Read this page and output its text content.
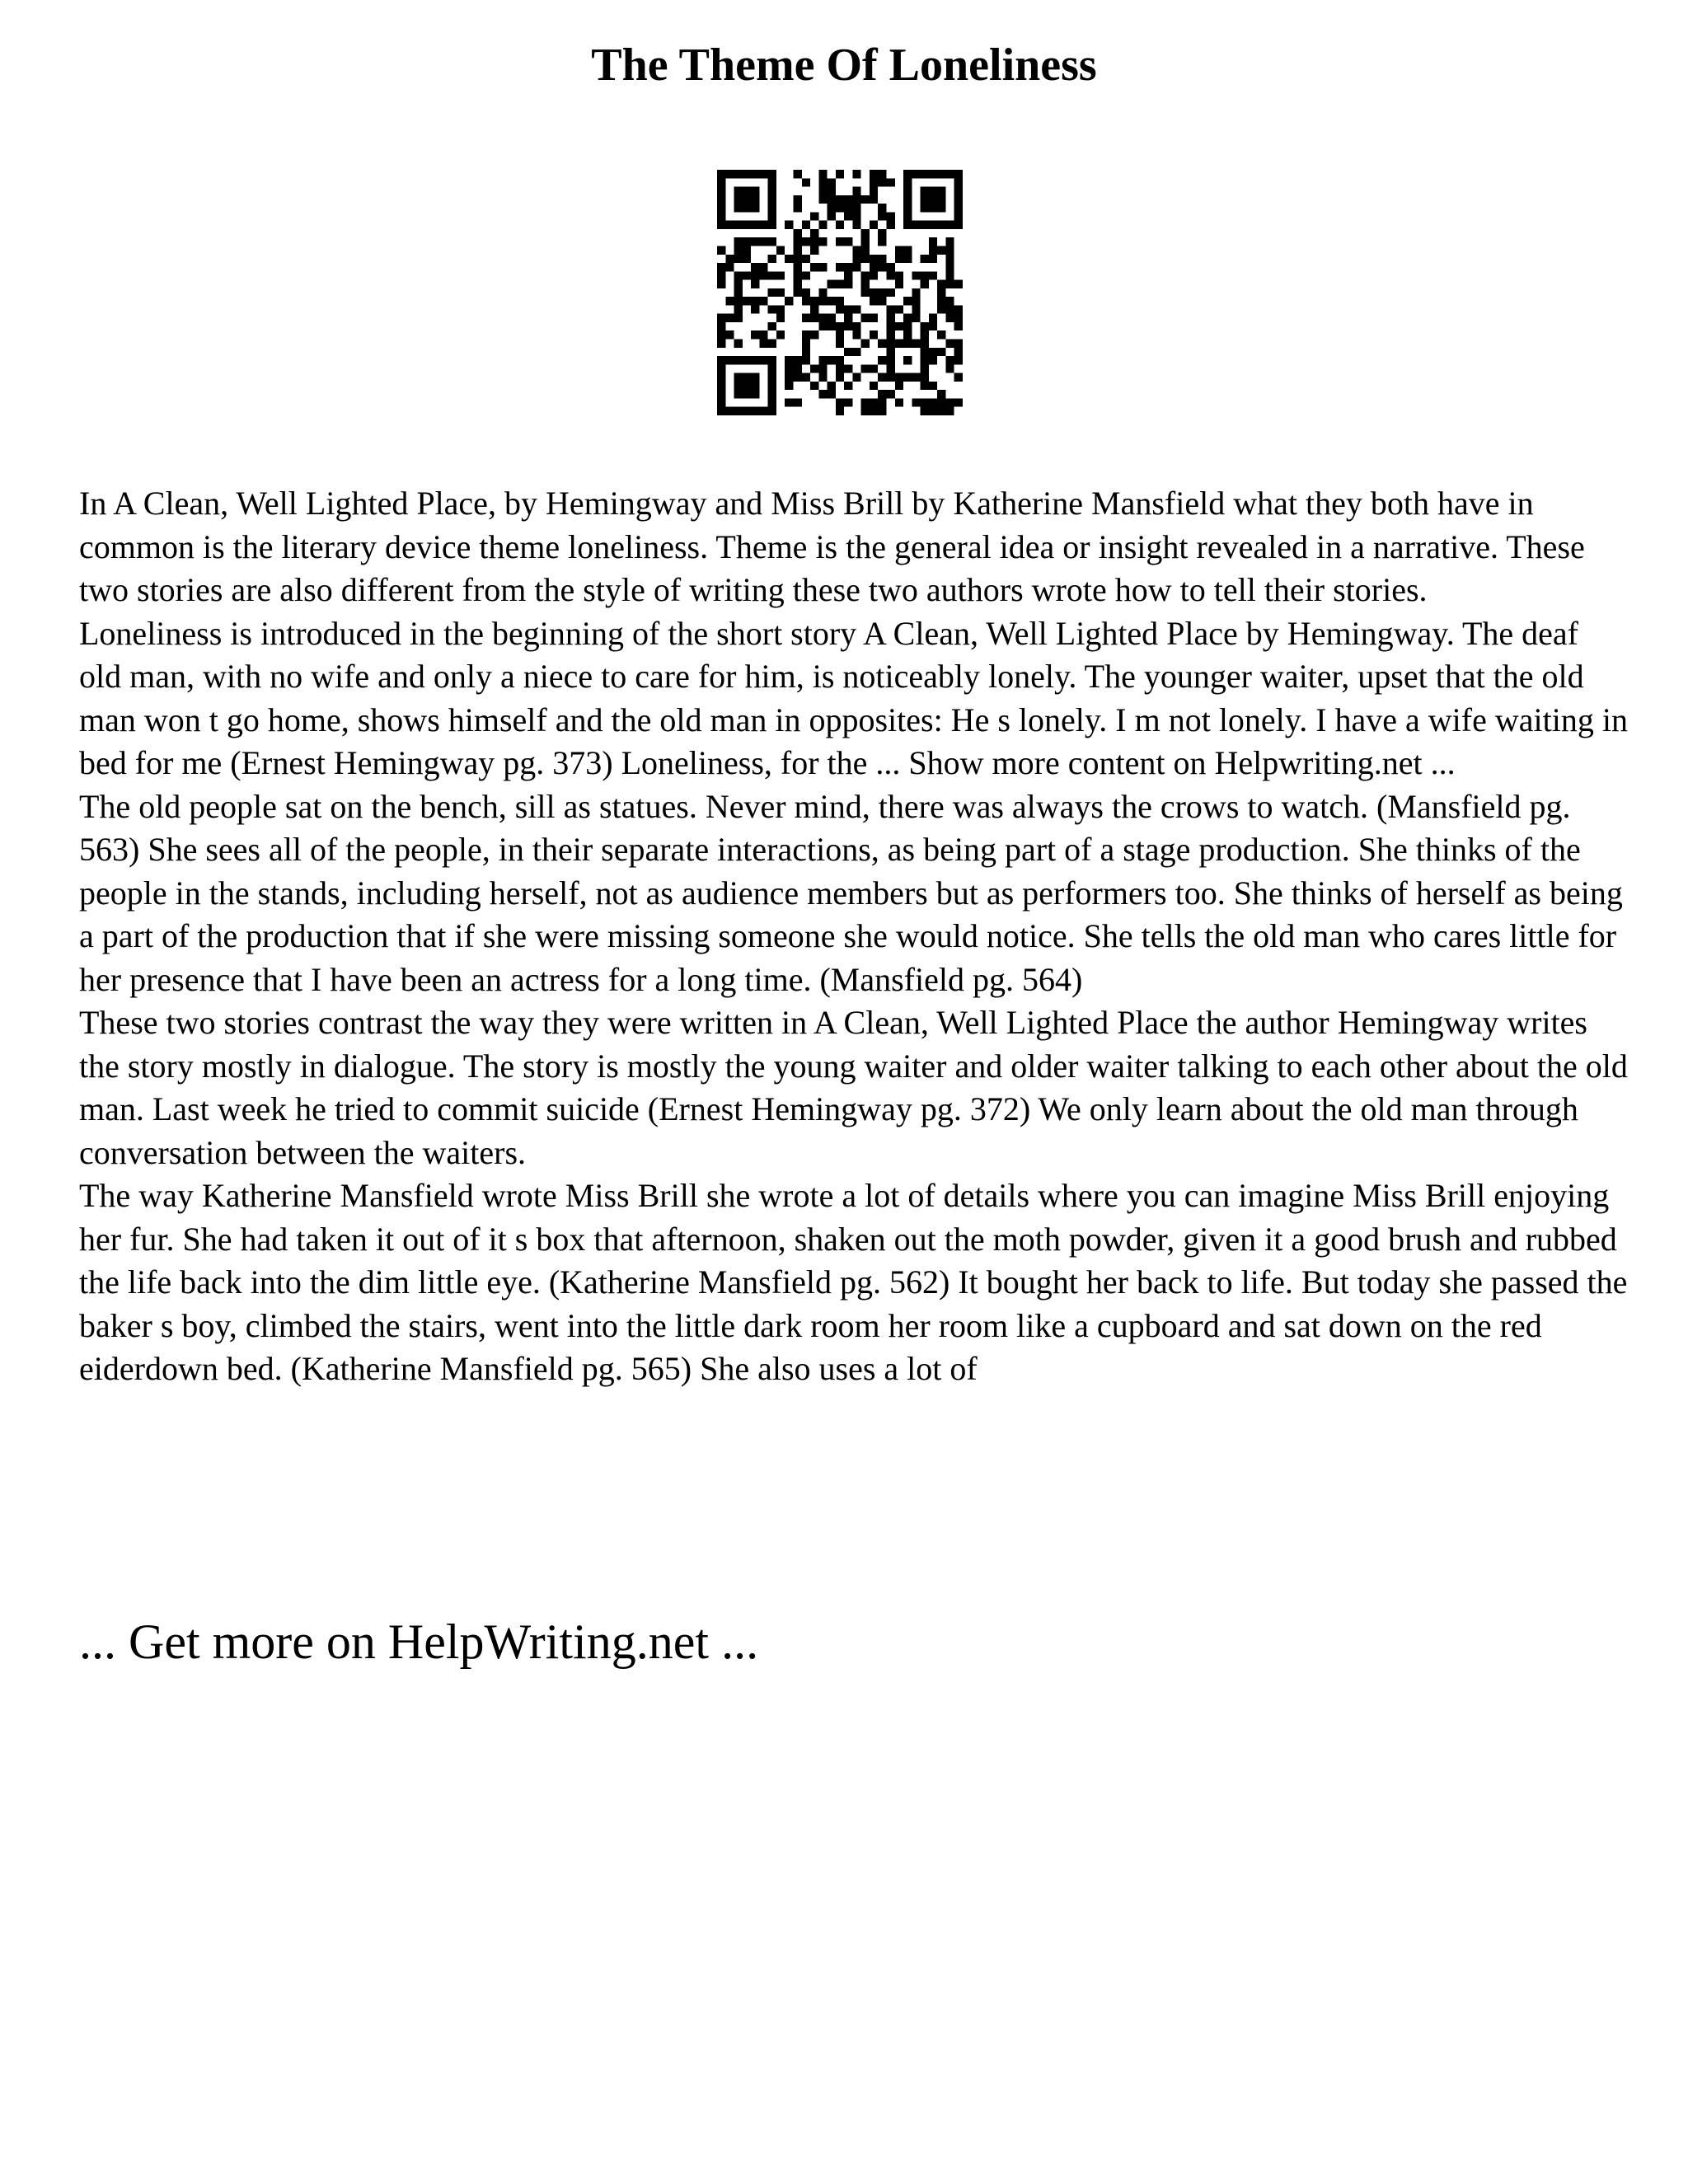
The Theme Of Loneliness

In A Clean, Well Lighted Place, by Hemingway and Miss Brill by Katherine Mansfield what they both have in common is the literary device theme loneliness. Theme is the general idea or insight revealed in a narrative. These two stories are also different from the style of writing these two authors wrote how to tell their stories.

Loneliness is introduced in the beginning of the short story A Clean, Well Lighted Place by Hemingway. The deaf old man, with no wife and only a niece to care for him, is noticeably lonely. The younger waiter, upset that the old man won t go home, shows himself and the old man in opposites: He s lonely. I m not lonely. I have a wife waiting in bed for me (Ernest Hemingway pg. 373) Loneliness, for the ... Show more content on Helpwriting.net ...

The old people sat on the bench, sill as statues. Never mind, there was always the crows to watch. (Mansfield pg. 563) She sees all of the people, in their separate interactions, as being part of a stage production. She thinks of the people in the stands, including herself, not as audience members but as performers too. She thinks of herself as being a part of the production that if she were missing someone she would notice. She tells the old man who cares little for her presence that I have been an actress for a long time. (Mansfield pg. 564)

These two stories contrast the way they were written in A Clean, Well Lighted Place the author Hemingway writes the story mostly in dialogue. The story is mostly the young waiter and older waiter talking to each other about the old man. Last week he tried to commit suicide (Ernest Hemingway pg. 372) We only learn about the old man through conversation between the waiters.

The way Katherine Mansfield wrote Miss Brill she wrote a lot of details where you can imagine Miss Brill enjoying her fur. She had taken it out of it s box that afternoon, shaken out the moth powder, given it a good brush and rubbed the life back into the dim little eye. (Katherine Mansfield pg. 562) It bought her back to life. But today she passed the baker s boy, climbed the stairs, went into the little dark room her room like a cupboard and sat down on the red eiderdown bed. (Katherine Mansfield pg. 565) She also uses a lot of

... Get more on HelpWriting.net ...
